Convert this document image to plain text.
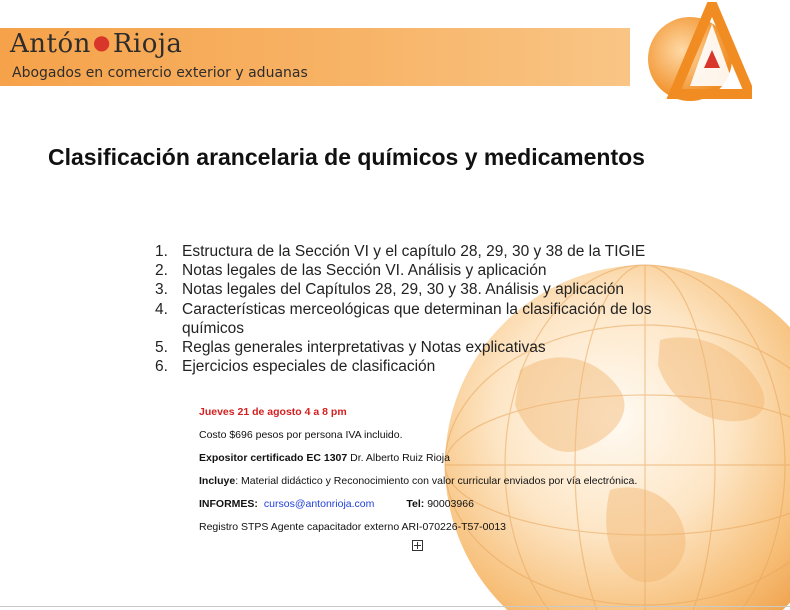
Antón ●Rioja
Abogados en comercio exterior y aduanas
Clasificación arancelaria de químicos y medicamentos
1. Estructura de la Sección VI y el capítulo 28, 29, 30 y 38 de la TIGIE
2. Notas legales de las Sección VI. Análisis y aplicación
3. Notas legales del Capítulos 28, 29, 30 y 38. Análisis y aplicación
4. Características merceológicas que determinan la clasificación de los químicos
5. Reglas generales interpretativas y Notas explicativas
6. Ejercicios especiales de clasificación

Jueves 21 de agosto 4 a 8 pm

Costo $696 pesos por persona IVA incluido.

Expositor certificado EC 1307 Dr. Alberto Ruiz Rioja

Incluye: Material didáctico y Reconocimiento con valor curricular enviados por vía electrónica.

INFORMES: cursos@antonrioja.com	Tel: 90003966

Registro STPS Agente capacitador externo ARI-070226-T57-0013
